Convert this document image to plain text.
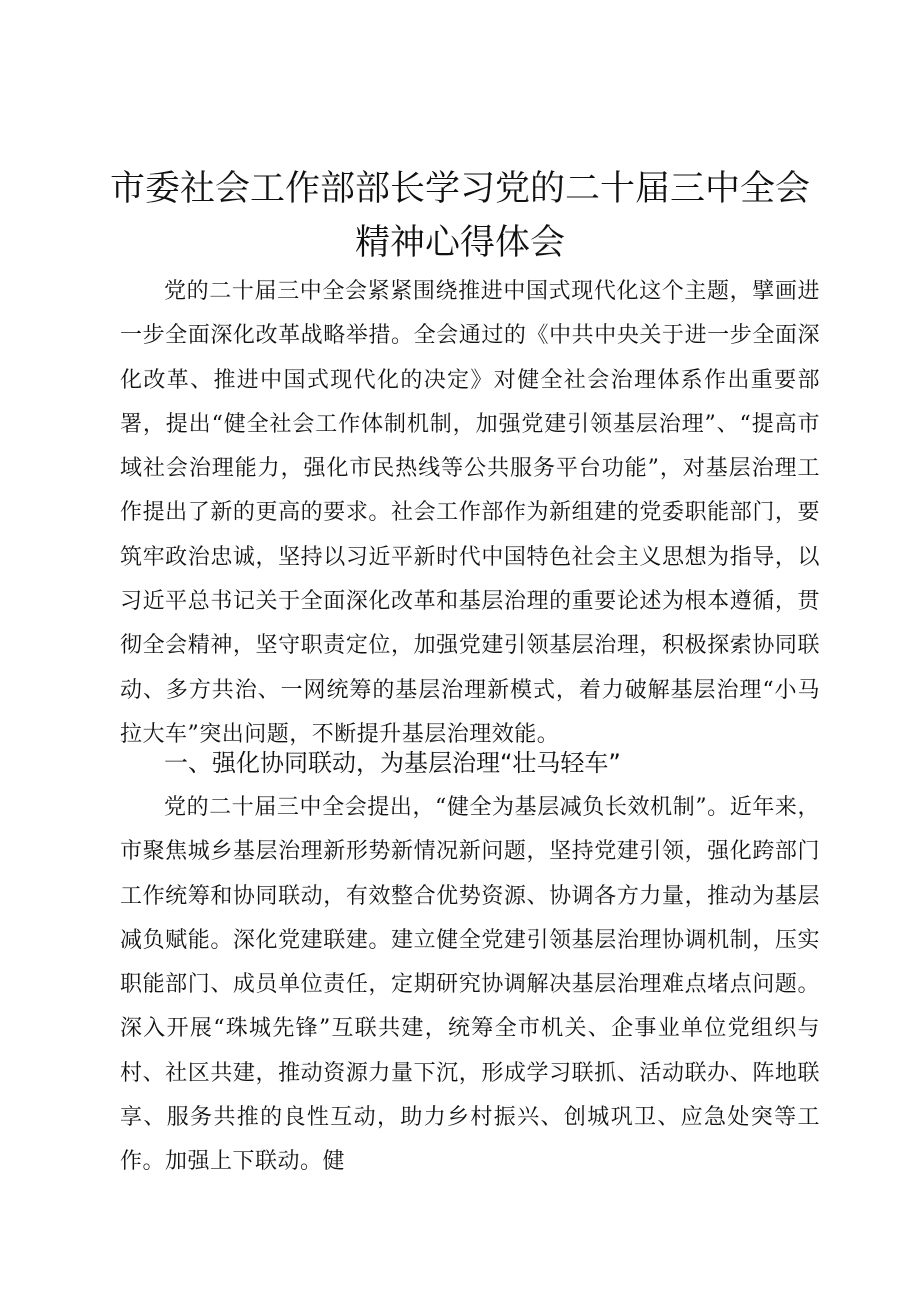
市委社会工作部部长学习党的二十届三中全会
精神心得体会

党的二十届三中全会紧紧围绕推进中国式现代化这个主题，擘画进一步全面深化改革战略举措。全会通过的《中共中央关于进一步全面深化改革、推进中国式现代化的决定》对健全社会治理体系作出重要部署，提出“健全社会工作体制机制，加强党建引领基层治理”、“提高市域社会治理能力，强化市民热线等公共服务平台功能”，对基层治理工作提出了新的更高的要求。社会工作部作为新组建的党委职能部门，要筑牢政治忠诚，坚持以习近平新时代中国特色社会主义思想为指导，以习近平总书记关于全面深化改革和基层治理的重要论述为根本遵循，贯彻全会精神，坚守职责定位，加强党建引领基层治理，积极探索协同联动、多方共治、一网统筹的基层治理新模式，着力破解基层治理“小马拉大车”突出问题，不断提升基层治理效能。

一、强化协同联动，为基层治理“壮马轻车”

党的二十届三中全会提出，“健全为基层减负长效机制”。近年来，市聚焦城乡基层治理新形势新情况新问题，坚持党建引领，强化跨部门工作统筹和协同联动，有效整合优势资源、协调各方力量，推动为基层减负赋能。深化党建联建。建立健全党建引领基层治理协调机制，压实职能部门、成员单位责任，定期研究协调解决基层治理难点堵点问题。深入开展“珠城先锋”互联共建，统筹全市机关、企事业单位党组织与村、社区共建，推动资源力量下沉，形成学习联抓、活动联办、阵地联享、服务共推的良性互动，助力乡村振兴、创城巩卫、应急处突等工作。加强上下联动。健
